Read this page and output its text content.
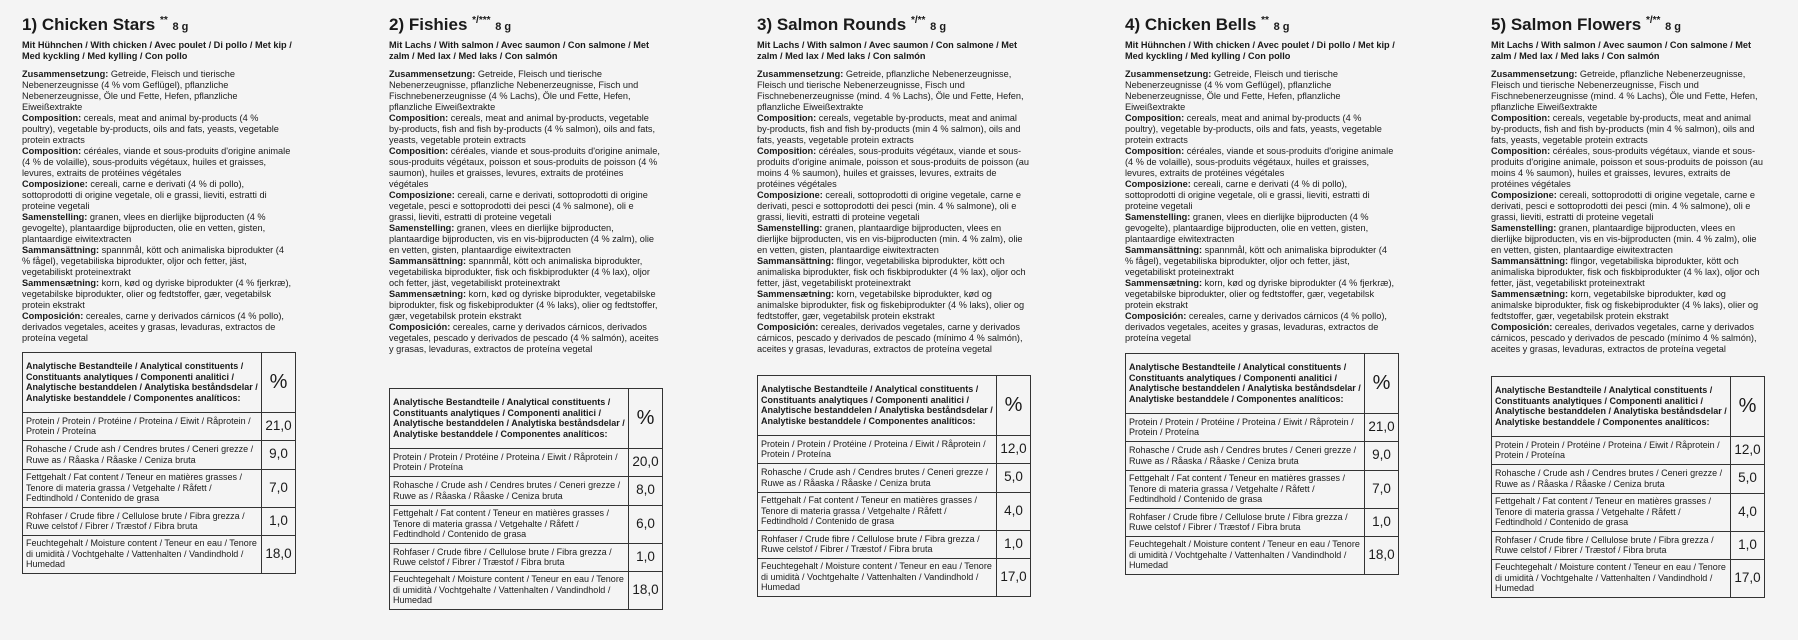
1) Chicken Stars ** 8 g
Mit Hühnchen / With chicken / Avec poulet / Di pollo / Met kip / Med kyckling / Med kylling / Con pollo
Zusammensetzung: Getreide, Fleisch und tierische Nebenerzeugnisse (4 % vom Geflügel), pflanzliche Nebenerzeugnisse, Öle und Fette, Hefen, pflanzliche Eiweißextrakte
Composition: cereals, meat and animal by-products (4 % poultry), vegetable by-products, oils and fats, yeasts, vegetable protein extracts
Composition: céréales, viande et sous-produits d'origine animale (4 % de volaille), sous-produits végétaux, huiles et graisses, levures, extraits de protéines végétales
Composizione: cereali, carne e derivati (4 % di pollo), sottoprodotti di origine vegetale, oli e grassi, lieviti, estratti di proteine vegetali
Samenstelling: granen, vlees en dierlijke bijproducten (4 % gevogelte), plantaardige bijproducten, olie en vetten, gisten, plantaardige eiwitextracten
Sammansättning: spannmål, kött och animaliska biprodukter (4 % fågel), vegetabiliska biprodukter, oljor och fetter, jäst, vegetabiliskt proteinextrakt
Sammensætning: korn, kød og dyriske biprodukter (4 % fjerkræ), vegetabilske biprodukter, olier og fedtstoffer, gær, vegetabilsk protein ekstrakt
Composición: cereales, carne y derivados cárnicos (4 % pollo), derivados vegetales, aceites y grasas, levaduras, extractos de proteína vegetal

Analytische Bestandteile / Analytical constituents / Constituants analytiques / Componenti analitici / Analytische bestanddelen / Analytiska beståndsdelar / Analytiske bestanddele / Componentes analíticos:	%
Protein / Protein / Protéine / Proteina / Eiwit / Råprotein / Protein / Proteína	21,0
Rohasche / Crude ash / Cendres brutes / Ceneri grezze / Ruwe as / Råaska / Råaske / Ceniza bruta	9,0
Fettgehalt / Fat content / Teneur en matières grasses / Tenore di materia grassa / Vetgehalte / Råfett / Fedtindhold / Contenido de grasa	7,0
Rohfaser / Crude fibre / Cellulose brute / Fibra grezza / Ruwe celstof / Fibrer / Træstof / Fibra bruta	1,0
Feuchtegehalt / Moisture content / Teneur en eau / Tenore di umidità / Vochtgehalte / Vattenhalten / Vandindhold / Humedad	18,0
2) Fishies */*** 8 g
Mit Lachs / With salmon / Avec saumon / Con salmone / Met zalm / Med lax / Med laks / Con salmón
Zusammensetzung: Getreide, Fleisch und tierische Nebenerzeugnisse, pflanzliche Nebenerzeugnisse, Fisch und Fischnebenerzeugnisse (4 % Lachs), Öle und Fette, Hefen, pflanzliche Eiweißextrakte
Composition: cereals, meat and animal by-products, vegetable by-products, fish and fish by-products (4 % salmon), oils and fats, yeasts, vegetable protein extracts
Composition: céréales, viande et sous-produits d'origine animale, sous-produits végétaux, poisson et sous-produits de poisson (4 % saumon), huiles et graisses, levures, extraits de protéines végétales
Composizione: cereali, carne e derivati, sottoprodotti di origine vegetale, pesci e sottoprodotti dei pesci (4 % salmone), oli e grassi, lieviti, estratti di proteine vegetali
Samenstelling: granen, vlees en dierlijke bijproducten, plantaardige bijproducten, vis en vis-bijproducten (4 % zalm), olie en vetten, gisten, plantaardige eiwitextracten
Sammansättning: spannmål, kött och animaliska biprodukter, vegetabiliska biprodukter, fisk och fiskbiprodukter (4 % lax), oljor och fetter, jäst, vegetabiliskt proteinextrakt
Sammensætning: korn, kød og dyriske biprodukter, vegetabilske biprodukter, fisk og fiskebiprodukter (4 % laks), olier og fedtstoffer, gær, vegetabilsk protein ekstrakt
Composición: cereales, carne y derivados cárnicos, derivados vegetales, pescado y derivados de pescado (4 % salmón), aceites y grasas, levaduras, extractos de proteína vegetal

Analytische Bestandteile / Analytical constituents / Constituants analytiques / Componenti analitici / Analytische bestanddelen / Analytiska beståndsdelar / Analytiske bestanddele / Componentes analíticos:	%
Protein / Protein / Protéine / Proteina / Eiwit / Råprotein / Protein / Proteína	20,0
Rohasche / Crude ash / Cendres brutes / Ceneri grezze / Ruwe as / Råaska / Råaske / Ceniza bruta	8,0
Fettgehalt / Fat content / Teneur en matières grasses / Tenore di materia grassa / Vetgehalte / Råfett / Fedtindhold / Contenido de grasa	6,0
Rohfaser / Crude fibre / Cellulose brute / Fibra grezza / Ruwe celstof / Fibrer / Træstof / Fibra bruta	1,0
Feuchtegehalt / Moisture content / Teneur en eau / Tenore di umidità / Vochtgehalte / Vattenhalten / Vandindhold / Humedad	18,0
3) Salmon Rounds */** 8 g
Mit Lachs / With salmon / Avec saumon / Con salmone / Met zalm / Med lax / Med laks / Con salmón
Zusammensetzung: Getreide, pflanzliche Nebenerzeugnisse, Fleisch und tierische Nebenerzeugnisse, Fisch und Fischnebenerzeugnisse (mind. 4 % Lachs), Öle und Fette, Hefen, pflanzliche Eiweißextrakte
Composition: cereals, vegetable by-products, meat and animal by-products, fish and fish by-products (min 4 % salmon), oils and fats, yeasts, vegetable protein extracts
Composition: céréales, sous-produits végétaux, viande et sous-produits d'origine animale, poisson et sous-produits de poisson (au moins 4 % saumon), huiles et graisses, levures, extraits de protéines végétales
Composizione: cereali, sottoprodotti di origine vegetale, carne e derivati, pesci e sottoprodotti dei pesci (min. 4 % salmone), oli e grassi, lieviti, estratti di proteine vegetali
Samenstelling: granen, plantaardige bijproducten, vlees en dierlijke bijproducten, vis en vis-bijproducten (min. 4 % zalm), olie en vetten, gisten, plantaardige eiwitextracten
Sammansättning: flingor, vegetabiliska biprodukter, kött och animaliska biprodukter, fisk och fiskbiprodukter (4 % lax), oljor och fetter, jäst, vegetabiliskt proteinextrakt
Sammensætning: korn, vegetabilske biprodukter, kød og animalske biprodukter, fisk og fiskebiprodukter (4 % laks), olier og fedtstoffer, gær, vegetabilsk protein ekstrakt
Composición: cereales, derivados vegetales, carne y derivados cárnicos, pescado y derivados de pescado (mínimo 4 % salmón), aceites y grasas, levaduras, extractos de proteína vegetal

Analytische Bestandteile / Analytical constituents / Constituants analytiques / Componenti analitici / Analytische bestanddelen / Analytiska beståndsdelar / Analytiske bestanddele / Componentes analíticos:	%
Protein / Protein / Protéine / Proteina / Eiwit / Råprotein / Protein / Proteína	12,0
Rohasche / Crude ash / Cendres brutes / Ceneri grezze / Ruwe as / Råaska / Råaske / Ceniza bruta	5,0
Fettgehalt / Fat content / Teneur en matières grasses / Tenore di materia grassa / Vetgehalte / Råfett / Fedtindhold / Contenido de grasa	4,0
Rohfaser / Crude fibre / Cellulose brute / Fibra grezza / Ruwe celstof / Fibrer / Træstof / Fibra bruta	1,0
Feuchtegehalt / Moisture content / Teneur en eau / Tenore di umidità / Vochtgehalte / Vattenhalten / Vandindhold / Humedad	17,0
4) Chicken Bells ** 8 g
Mit Hühnchen / With chicken / Avec poulet / Di pollo / Met kip / Med kyckling / Med kylling / Con pollo
Zusammensetzung: Getreide, Fleisch und tierische Nebenerzeugnisse (4 % vom Geflügel), pflanzliche Nebenerzeugnisse, Öle und Fette, Hefen, pflanzliche Eiweißextrakte
Composition: cereals, meat and animal by-products (4 % poultry), vegetable by-products, oils and fats, yeasts, vegetable protein extracts
Composition: céréales, viande et sous-produits d'origine animale (4 % de volaille), sous-produits végétaux, huiles et graisses, levures, extraits de protéines végétales
Composizione: cereali, carne e derivati (4 % di pollo), sottoprodotti di origine vegetale, oli e grassi, lieviti, estratti di proteine vegetali
Samenstelling: granen, vlees en dierlijke bijproducten (4 % gevogelte), plantaardige bijproducten, olie en vetten, gisten, plantaardige eiwitextracten
Sammansättning: spannmål, kött och animaliska biprodukter (4 % fågel), vegetabiliska biprodukter, oljor och fetter, jäst, vegetabiliskt proteinextrakt
Sammensætning: korn, kød og dyriske biprodukter (4 % fjerkræ), vegetabilske biprodukter, olier og fedtstoffer, gær, vegetabilsk protein ekstrakt
Composición: cereales, carne y derivados cárnicos (4 % pollo), derivados vegetales, aceites y grasas, levaduras, extractos de proteína vegetal

Analytische Bestandteile / Analytical constituents / Constituants analytiques / Componenti analitici / Analytische bestanddelen / Analytiska beståndsdelar / Analytiske bestanddele / Componentes analíticos:	%
Protein / Protein / Protéine / Proteina / Eiwit / Råprotein / Protein / Proteína	21,0
Rohasche / Crude ash / Cendres brutes / Ceneri grezze / Ruwe as / Råaska / Råaske / Ceniza bruta	9,0
Fettgehalt / Fat content / Teneur en matières grasses / Tenore di materia grassa / Vetgehalte / Råfett / Fedtindhold / Contenido de grasa	7,0
Rohfaser / Crude fibre / Cellulose brute / Fibra grezza / Ruwe celstof / Fibrer / Træstof / Fibra bruta	1,0
Feuchtegehalt / Moisture content / Teneur en eau / Tenore di umidità / Vochtgehalte / Vattenhalten / Vandindhold / Humedad	18,0
5) Salmon Flowers */** 8 g
Mit Lachs / With salmon / Avec saumon / Con salmone / Met zalm / Med lax / Med laks / Con salmón
Zusammensetzung: Getreide, pflanzliche Nebenerzeugnisse, Fleisch und tierische Nebenerzeugnisse, Fisch und Fischnebenerzeugnisse (mind. 4 % Lachs), Öle und Fette, Hefen, pflanzliche Eiweißextrakte
Composition: cereals, vegetable by-products, meat and animal by-products, fish and fish by-products (min 4 % salmon), oils and fats, yeasts, vegetable protein extracts
Composition: céréales, sous-produits végétaux, viande et sous-produits d'origine animale, poisson et sous-produits de poisson (au moins 4 % saumon), huiles et graisses, levures, extraits de protéines végétales
Composizione: cereali, sottoprodotti di origine vegetale, carne e derivati, pesci e sottoprodotti dei pesci (min. 4 % salmone), oli e grassi, lieviti, estratti di proteine vegetali
Samenstelling: granen, plantaardige bijproducten, vlees en dierlijke bijproducten, vis en vis-bijproducten (min. 4 % zalm), olie en vetten, gisten, plantaardige eiwitextracten
Sammansättning: flingor, vegetabiliska biprodukter, kött och animaliska biprodukter, fisk och fiskbiprodukter (4 % lax), oljor och fetter, jäst, vegetabiliskt proteinextrakt
Sammensætning: korn, vegetabilske biprodukter, kød og animalske biprodukter, fisk og fiskebiprodukter (4 % laks), olier og fedtstoffer, gær, vegetabilsk protein ekstrakt
Composición: cereales, derivados vegetales, carne y derivados cárnicos, pescado y derivados de pescado (mínimo 4 % salmón), aceites y grasas, levaduras, extractos de proteína vegetal

Analytische Bestandteile / Analytical constituents / Constituants analytiques / Componenti analitici / Analytische bestanddelen / Analytiska beståndsdelar / Analytiske bestanddele / Componentes analíticos:	%
Protein / Protein / Protéine / Proteina / Eiwit / Råprotein / Protein / Proteína	12,0
Rohasche / Crude ash / Cendres brutes / Ceneri grezze / Ruwe as / Råaska / Råaske / Ceniza bruta	5,0
Fettgehalt / Fat content / Teneur en matières grasses / Tenore di materia grassa / Vetgehalte / Råfett / Fedtindhold / Contenido de grasa	4,0
Rohfaser / Crude fibre / Cellulose brute / Fibra grezza / Ruwe celstof / Fibrer / Træstof / Fibra bruta	1,0
Feuchtegehalt / Moisture content / Teneur en eau / Tenore di umidità / Vochtgehalte / Vattenhalten / Vandindhold / Humedad	17,0
